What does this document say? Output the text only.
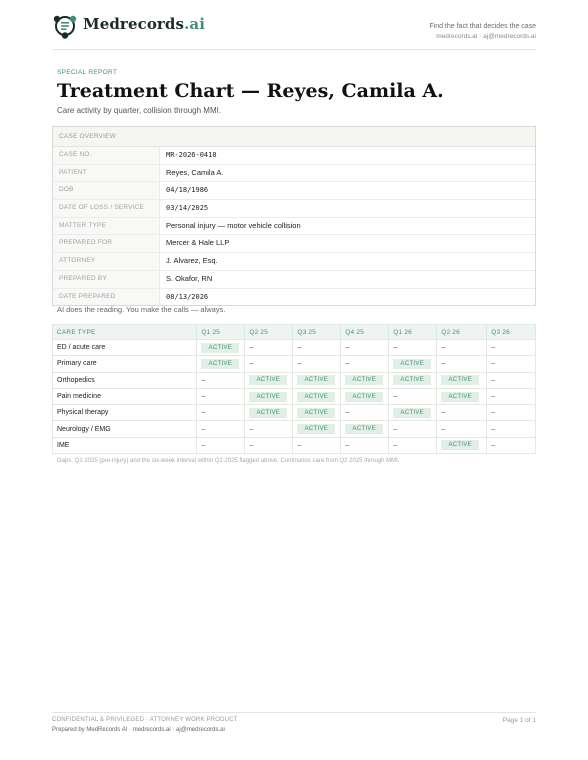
Medrecords.ai	Find the fact that decides the case
medrecords.ai · aj@medrecords.ai
SPECIAL REPORT
Treatment Chart — Reyes, Camila A.
Care activity by quarter, collision through MMI.
CASE OVERVIEW
CASE NO.	MR-2026-0418
PATIENT	Reyes, Camila A.
DOB	04/18/1986
DATE OF LOSS / SERVICE	03/14/2025
MATTER TYPE	Personal injury — motor vehicle collision
PREPARED FOR	Mercer & Hale LLP
ATTORNEY	J. Alvarez, Esq.
PREPARED BY	S. Okafor, RN
DATE PREPARED	08/13/2026
AI does the reading. You make the calls — always.
CARE TYPE	Q1 25	Q2 25	Q3 25	Q4 25	Q1 26	Q2 26	Q3 26
ED / acute care	ACTIVE	–	–	–	–	–	–
Primary care	ACTIVE	–	–	–	ACTIVE	–	–
Orthopedics	–	ACTIVE	ACTIVE	ACTIVE	ACTIVE	ACTIVE	–
Pain medicine	–	ACTIVE	ACTIVE	ACTIVE	–	ACTIVE	–
Physical therapy	–	ACTIVE	ACTIVE	–	ACTIVE	–	–
Neurology / EMG	–	–	ACTIVE	ACTIVE	–	–	–
IME	–	–	–	–	–	ACTIVE	–
Gaps: Q1 2025 (pre-injury) and the six-week interval within Q2 2025 flagged above. Continuous care from Q2 2025 through MMI.
CONFIDENTIAL & PRIVILEGED · ATTORNEY WORK PRODUCT
Prepared by MedRecords AI · medrecords.ai · aj@medrecords.ai
Page 1 of 1
